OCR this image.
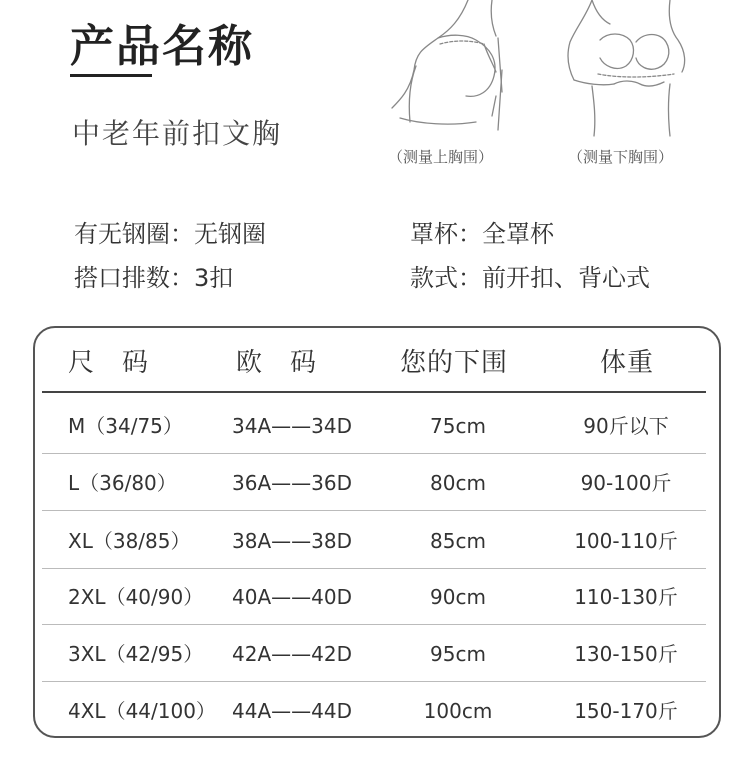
产品名称
中老年前扣文胸
（测量上胸围）	（测量下胸围）
有无钢圈：无钢圈	罩杯：全罩杯
搭口排数：3扣	款式：前开扣、背心式
尺码 欧码 您的下围	体重
M（34/75） 34A——34D	75cm	90斤以下
L（36/80）	36A——36D	80cm	90-100斤
XL（38/85） 38A——38D	85cm	100-110斤
2XL（40/90） 40A——40D	90cm	110-130斤
3XL（42/95） 42A——42D	95cm	130-150斤
4XL（44/100） 44A——44D	100cm	150-170斤
